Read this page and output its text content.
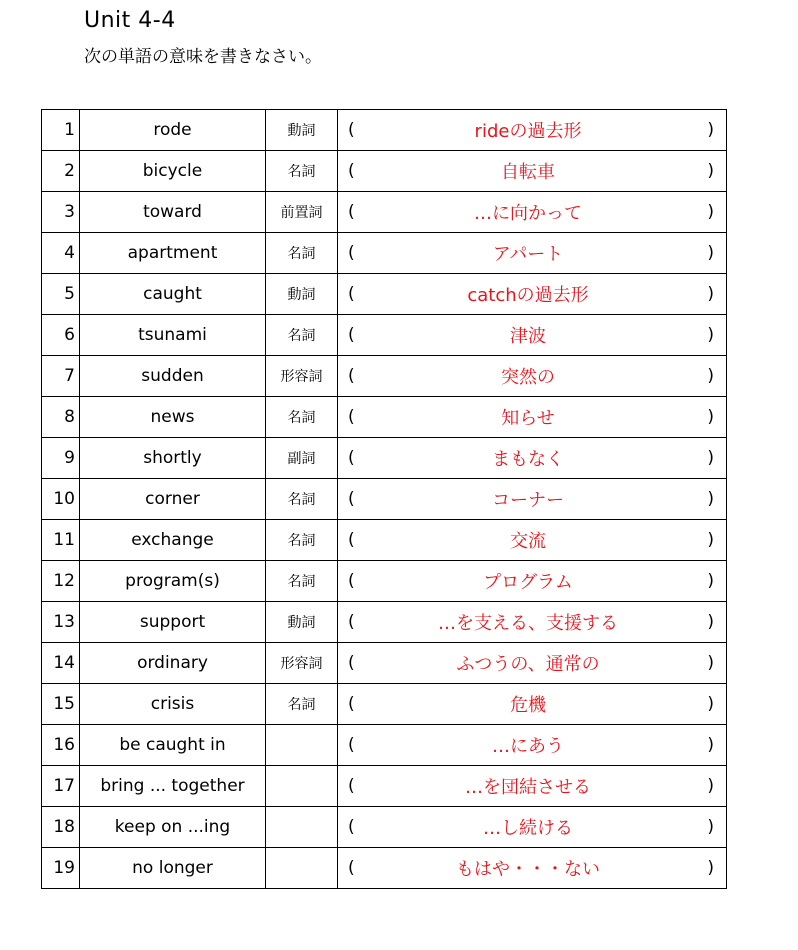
Unit 4-4
次の単語の意味を書きなさい。
1	rode	動詞	( rideの過去形 )

2	bicycle	名詞	( 自転車 )

3	toward	前置詞	( …に向かって )

4	apartment	名詞	( アパート )

5	caught	動詞	( catchの過去形 )

6	tsunami	名詞	( 津波 )

7	sudden	形容詞	( 突然の )

8	news	名詞	( 知らせ )

9	shortly	副詞	( まもなく )

10	corner	名詞	( コーナー )

11	exchange	名詞	( 交流 )

12	program(s)	名詞	( プログラム )

13	support	動詞	( …を支える、支援する )

14	ordinary	形容詞	( ふつうの、通常の )

15	crisis	名詞	( 危機 )

16	be caught in		( …にあう )

17	bring ... together		( …を団結させる )

18	keep on ...ing		( …し続ける )

19	no longer		( もはや・・・ない )
